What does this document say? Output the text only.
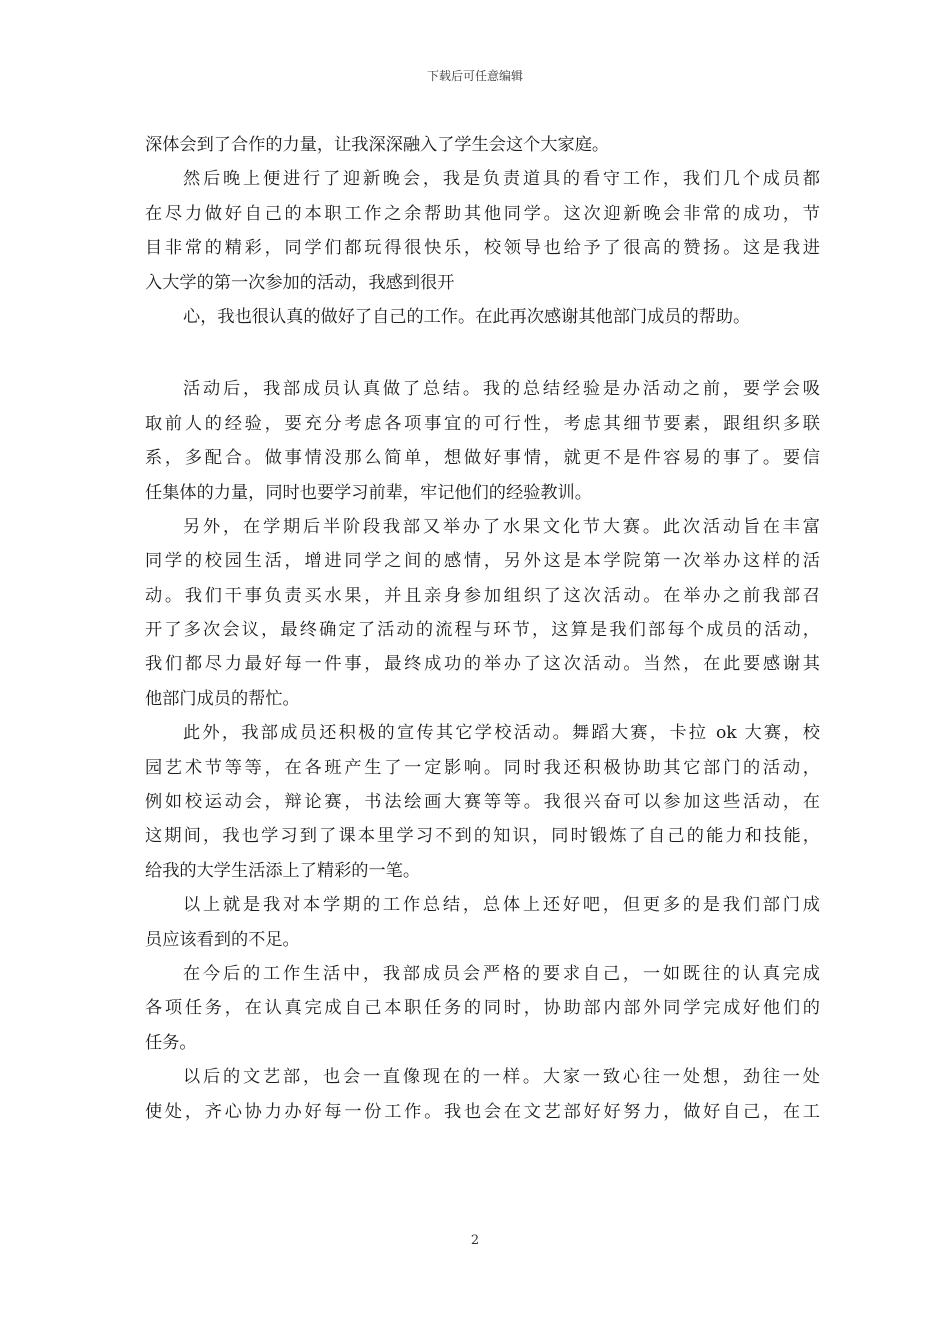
下载后可任意编辑
深体会到了合作的力量，让我深深融入了学生会这个大家庭。
然后晚上便进行了迎新晚会，我是负责道具的看守工作，我们几个成员都
在尽力做好自己的本职工作之余帮助其他同学。这次迎新晚会非常的成功，节
目非常的精彩，同学们都玩得很快乐，校领导也给予了很高的赞扬。这是我进
入大学的第一次参加的活动，我感到很开
心，我也很认真的做好了自己的工作。在此再次感谢其他部门成员的帮助。
活动后，我部成员认真做了总结。我的总结经验是办活动之前，要学会吸
取前人的经验，要充分考虑各项事宜的可行性，考虑其细节要素，跟组织多联
系，多配合。做事情没那么简单，想做好事情，就更不是件容易的事了。要信
任集体的力量，同时也要学习前辈，牢记他们的经验教训。
另外，在学期后半阶段我部又举办了水果文化节大赛。此次活动旨在丰富
同学的校园生活，增进同学之间的感情，另外这是本学院第一次举办这样的活
动。我们干事负责买水果，并且亲身参加组织了这次活动。在举办之前我部召
开了多次会议，最终确定了活动的流程与环节，这算是我们部每个成员的活动，
我们都尽力最好每一件事，最终成功的举办了这次活动。当然，在此要感谢其
他部门成员的帮忙。
此外，我部成员还积极的宣传其它学校活动。舞蹈大赛，卡拉 ok 大赛，校
园艺术节等等，在各班产生了一定影响。同时我还积极协助其它部门的活动，
例如校运动会，辩论赛，书法绘画大赛等等。我很兴奋可以参加这些活动，在
这期间，我也学习到了课本里学习不到的知识，同时锻炼了自己的能力和技能，
给我的大学生活添上了精彩的一笔。
以上就是我对本学期的工作总结，总体上还好吧，但更多的是我们部门成
员应该看到的不足。
在今后的工作生活中，我部成员会严格的要求自己，一如既往的认真完成
各项任务，在认真完成自己本职任务的同时，协助部内部外同学完成好他们的
任务。
以后的文艺部，也会一直像现在的一样。大家一致心往一处想，劲往一处
使处，齐心协力办好每一份工作。我也会在文艺部好好努力，做好自己，在工
2
